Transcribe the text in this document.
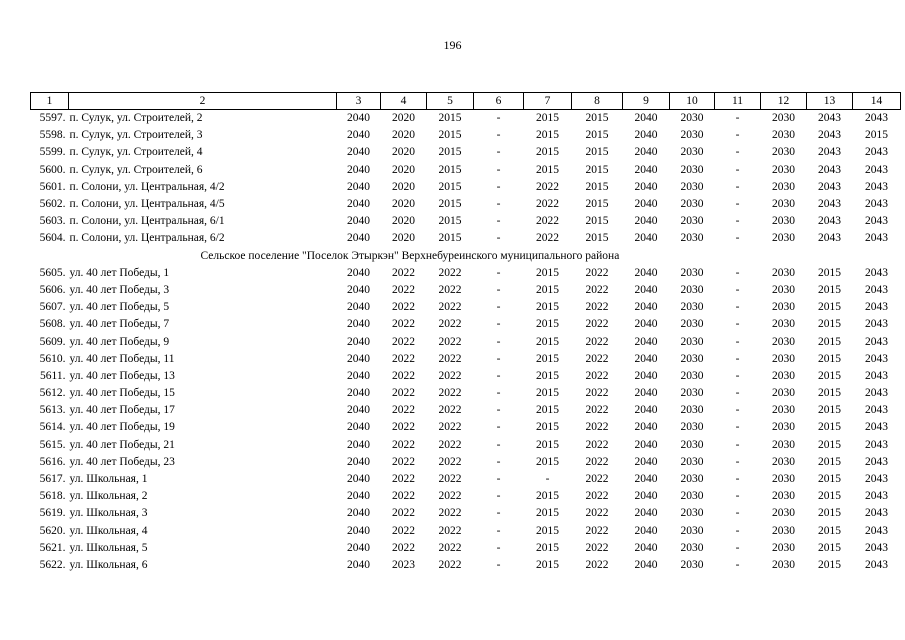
196
1	2	3	4	5	6	7	8	9	10	11	12	13	14
5597.	п. Сулук, ул. Строителей, 2	2040	2020	2015	-	2015	2015	2040	2030	-	2030	2043	2043
5598.	п. Сулук, ул. Строителей, 3	2040	2020	2015	-	2015	2015	2040	2030	-	2030	2043	2015
5599.	п. Сулук, ул. Строителей, 4	2040	2020	2015	-	2015	2015	2040	2030	-	2030	2043	2043
5600.	п. Сулук, ул. Строителей, 6	2040	2020	2015	-	2015	2015	2040	2030	-	2030	2043	2043
5601.	п. Солони, ул. Центральная, 4/2	2040	2020	2015	-	2022	2015	2040	2030	-	2030	2043	2043
5602.	п. Солони, ул. Центральная, 4/5	2040	2020	2015	-	2022	2015	2040	2030	-	2030	2043	2043
5603.	п. Солони, ул. Центральная, 6/1	2040	2020	2015	-	2022	2015	2040	2030	-	2030	2043	2043
5604.	п. Солони, ул. Центральная, 6/2	2040	2020	2015	-	2022	2015	2040	2030	-	2030	2043	2043
Сельское поселение "Поселок Этыркэн" Верхнебуреинского муниципального района													
5605.	ул. 40 лет Победы, 1	2040	2022	2022	-	2015	2022	2040	2030	-	2030	2015	2043
5606.	ул. 40 лет Победы, 3	2040	2022	2022	-	2015	2022	2040	2030	-	2030	2015	2043
5607.	ул. 40 лет Победы, 5	2040	2022	2022	-	2015	2022	2040	2030	-	2030	2015	2043
5608.	ул. 40 лет Победы, 7	2040	2022	2022	-	2015	2022	2040	2030	-	2030	2015	2043
5609.	ул. 40 лет Победы, 9	2040	2022	2022	-	2015	2022	2040	2030	-	2030	2015	2043
5610.	ул. 40 лет Победы, 11	2040	2022	2022	-	2015	2022	2040	2030	-	2030	2015	2043
5611.	ул. 40 лет Победы, 13	2040	2022	2022	-	2015	2022	2040	2030	-	2030	2015	2043
5612.	ул. 40 лет Победы, 15	2040	2022	2022	-	2015	2022	2040	2030	-	2030	2015	2043
5613.	ул. 40 лет Победы, 17	2040	2022	2022	-	2015	2022	2040	2030	-	2030	2015	2043
5614.	ул. 40 лет Победы, 19	2040	2022	2022	-	2015	2022	2040	2030	-	2030	2015	2043
5615.	ул. 40 лет Победы, 21	2040	2022	2022	-	2015	2022	2040	2030	-	2030	2015	2043
5616.	ул. 40 лет Победы, 23	2040	2022	2022	-	2015	2022	2040	2030	-	2030	2015	2043
5617.	ул. Школьная, 1	2040	2022	2022	-	-	2022	2040	2030	-	2030	2015	2043
5618.	ул. Школьная, 2	2040	2022	2022	-	2015	2022	2040	2030	-	2030	2015	2043
5619.	ул. Школьная, 3	2040	2022	2022	-	2015	2022	2040	2030	-	2030	2015	2043
5620.	ул. Школьная, 4	2040	2022	2022	-	2015	2022	2040	2030	-	2030	2015	2043
5621.	ул. Школьная, 5	2040	2022	2022	-	2015	2022	2040	2030	-	2030	2015	2043
5622.	ул. Школьная, 6	2040	2023	2022	-	2015	2022	2040	2030	-	2030	2015	2043
